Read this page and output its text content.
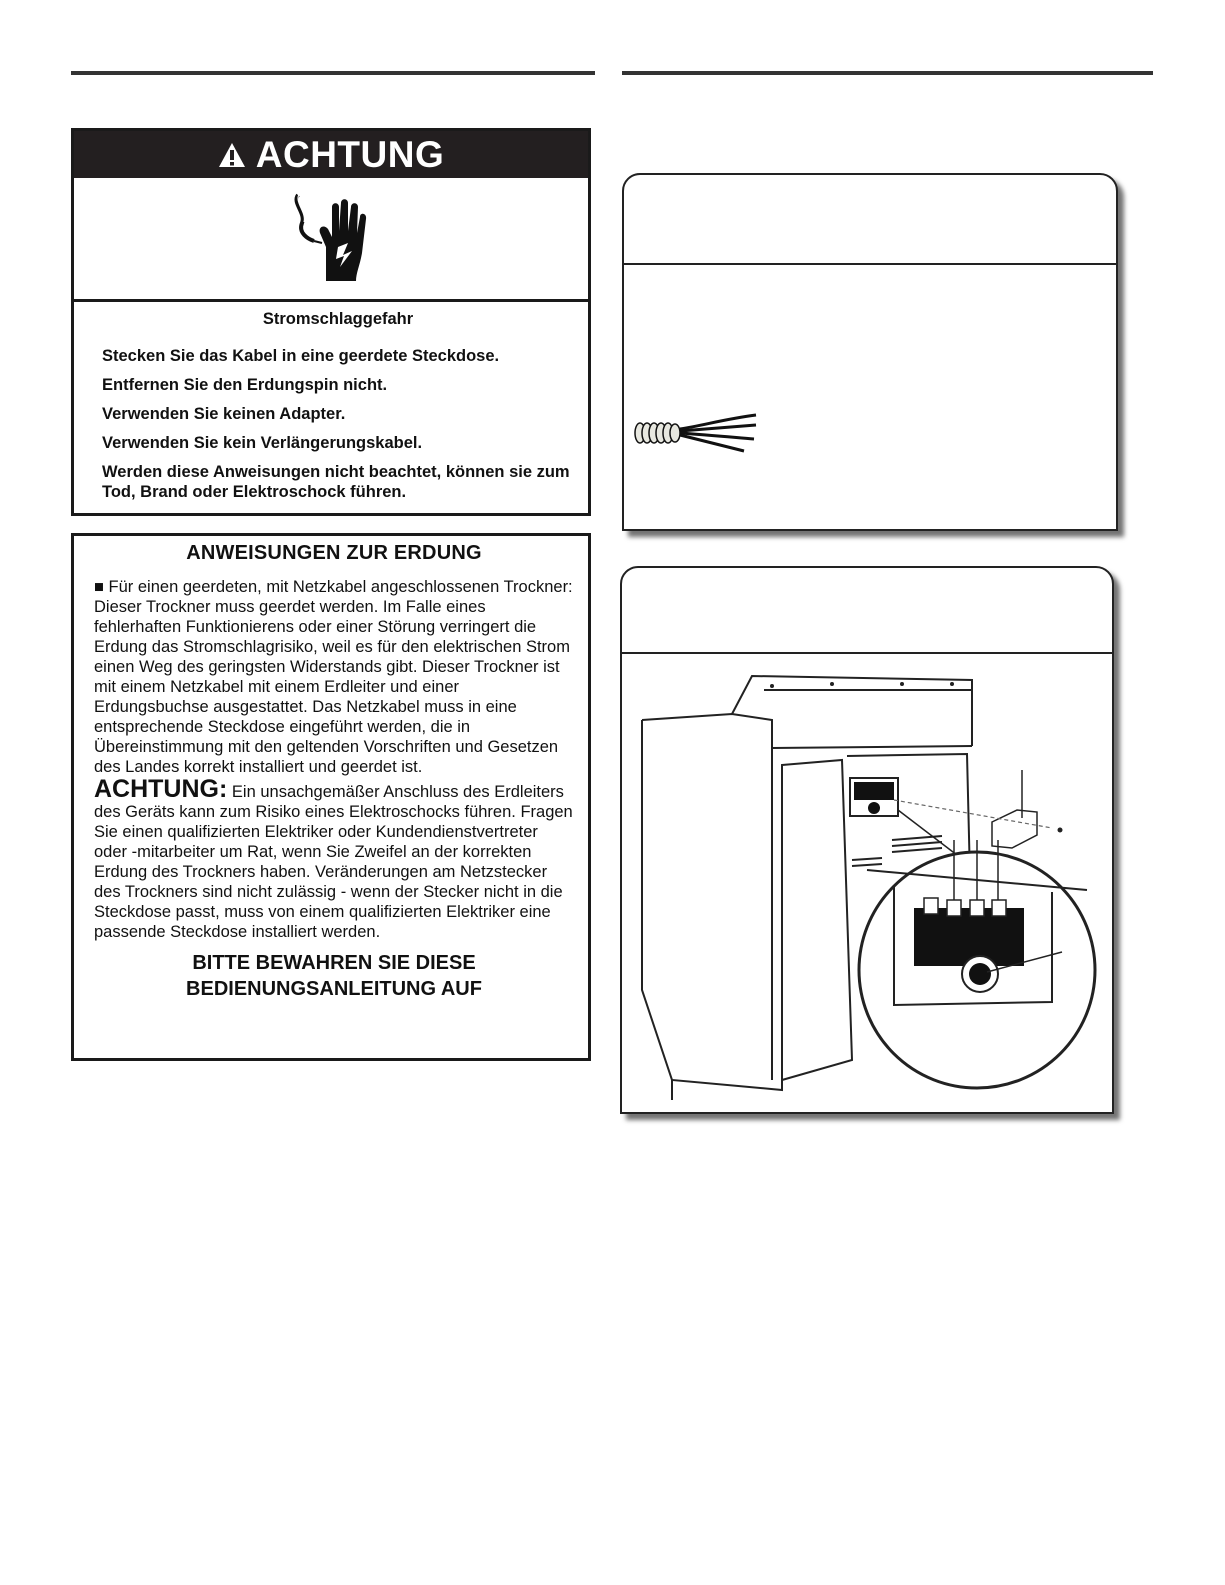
ACHTUNG
Stromschlaggefahr
Stecken Sie das Kabel in eine geerdete Steckdose.
Entfernen Sie den Erdungspin nicht.
Verwenden Sie keinen Adapter.
Verwenden Sie kein Verlängerungskabel.
Werden diese Anweisungen nicht beachtet, können sie zum Tod, Brand oder Elektroschock führen.
ANWEISUNGEN ZUR ERDUNG
■ Für einen geerdeten, mit Netzkabel angeschlossenen Trockner:
Dieser Trockner muss geerdet werden. Im Falle eines fehlerhaften Funktionierens oder einer Störung verringert die Erdung das Stromschlagrisiko, weil es für den elektrischen Strom einen Weg des geringsten Widerstands gibt. Dieser Trockner ist mit einem Netzkabel mit einem Erdleiter und einer Erdungsbuchse ausgestattet. Das Netzkabel muss in eine entsprechende Steckdose eingeführt werden, die in Übereinstimmung mit den geltenden Vorschriften und Gesetzen des Landes korrekt installiert und geerdet ist.
ACHTUNG: Ein unsachgemäßer Anschluss des Erdleiters des Geräts kann zum Risiko eines Elektroschocks führen. Fragen Sie einen qualifizierten Elektriker oder Kundendienstvertreter oder -mitarbeiter um Rat, wenn Sie Zweifel an der korrekten Erdung des Trockners haben. Veränderungen am Netzstecker des Trockners sind nicht zulässig - wenn der Stecker nicht in die Steckdose passt, muss von einem qualifizierten Elektriker eine passende Steckdose installiert werden.
BITTE BEWAHREN SIE DIESE
BEDIENUNGSANLEITUNG AUF
